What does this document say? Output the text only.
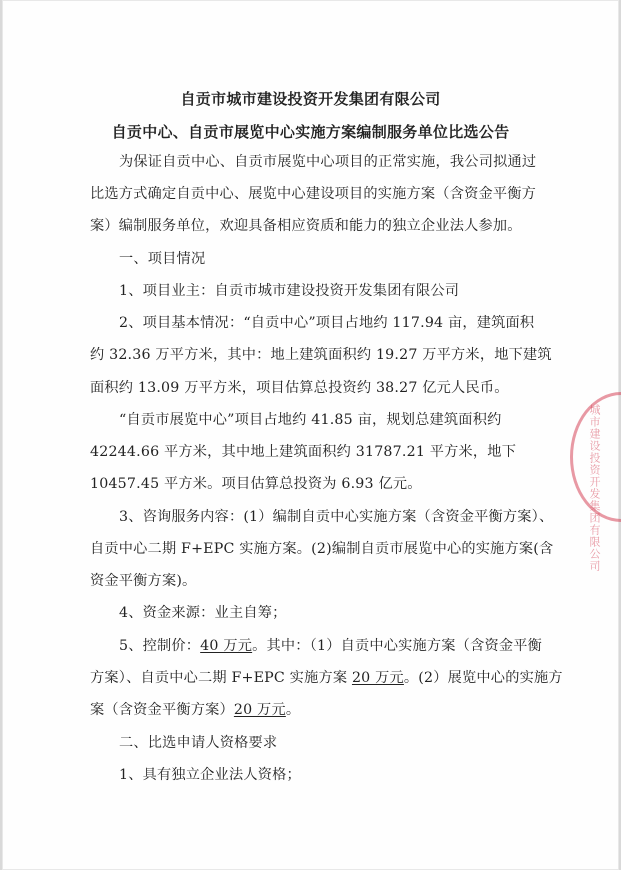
自贡市城市建设投资开发集团有限公司
自贡中心、自贡市展览中心实施方案编制服务单位比选公告
为保证自贡中心、自贡市展览中心项目的正常实施，我公司拟通过
比选方式确定自贡中心、展览中心建设项目的实施方案（含资金平衡方
案）编制服务单位，欢迎具备相应资质和能力的独立企业法人参加。
一、项目情况
1、项目业主：自贡市城市建设投资开发集团有限公司
2、项目基本情况：“自贡中心”项目占地约 117.94 亩，建筑面积
约 32.36 万平方米，其中：地上建筑面积约 19.27 万平方米，地下建筑
面积约 13.09 万平方米，项目估算总投资约 38.27 亿元人民币。
“自贡市展览中心”项目占地约 41.85 亩，规划总建筑面积约
42244.66 平方米，其中地上建筑面积约 31787.21 平方米，地下
10457.45 平方米。项目估算总投资为 6.93 亿元。
3、咨询服务内容：(1）编制自贡中心实施方案（含资金平衡方案）、
自贡中心二期 F+EPC 实施方案。(2)编制自贡市展览中心的实施方案(含
资金平衡方案)。
4、资金来源：业主自筹；
5、控制价：40 万元。其中：（1）自贡中心实施方案（含资金平衡
方案）、自贡中心二期 F+EPC 实施方案 20 万元。(2）展览中心的实施方
案（含资金平衡方案）20 万元。
二、比选申请人资格要求
1、具有独立企业法人资格；
城市建设投资开发集团有限公司
